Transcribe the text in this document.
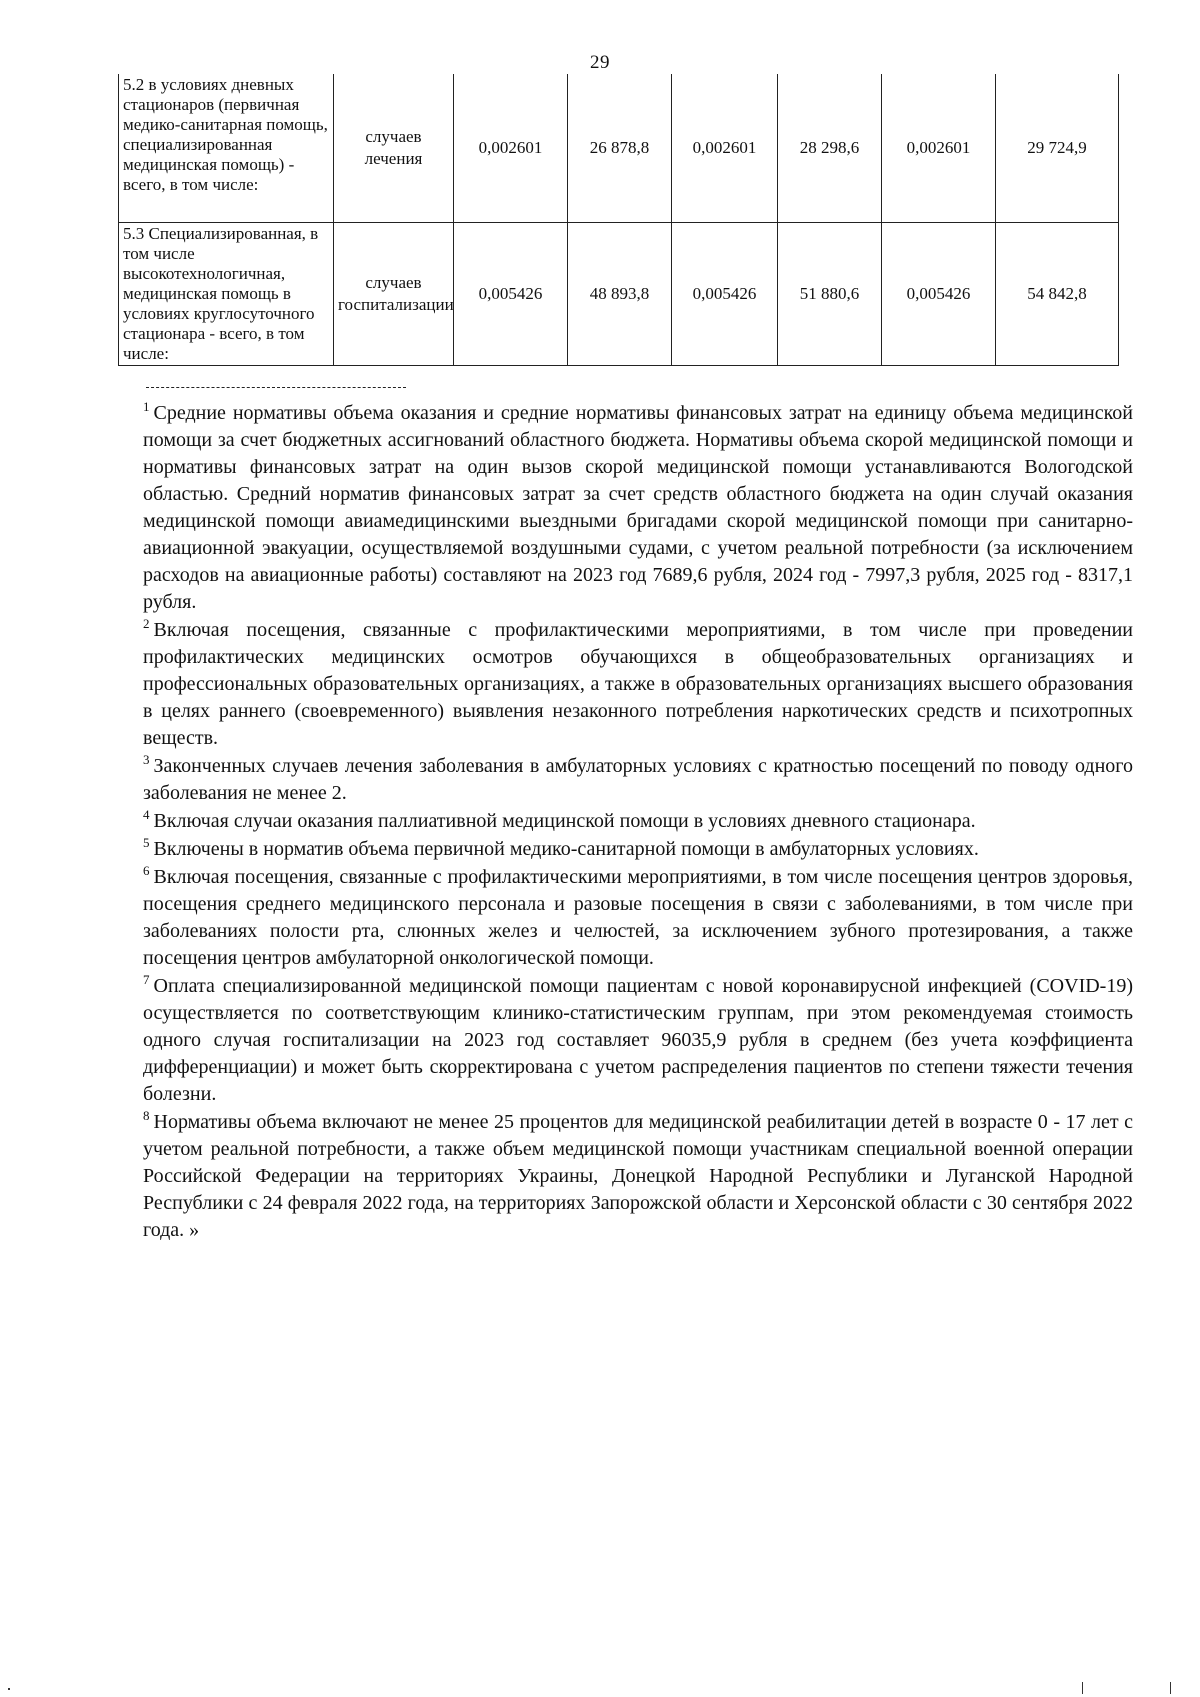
29
5.2 в условиях дневных стационаров (первичная медико-санитарная помощь, специализированная медицинская помощь) - всего, в том числе:	случаев лечения	0,002601	26 878,8	0,002601	28 298,6	0,002601	29 724,9
5.3 Специализированная, в том числе высокотехнологичная, медицинская помощь в условиях круглосуточного стационара - всего, в том числе:	случаев госпитализации	0,005426	48 893,8	0,005426	51 880,6	0,005426	54 842,8

$^1$ Средние нормативы объема оказания и средние нормативы финансовых затрат на единицу объема медицинской помощи за счет бюджетных ассигнований областного бюджета. Нормативы объема скорой медицинской помощи и нормативы финансовых затрат на один вызов скорой медицинской помощи устанавливаются Вологодской областью. Средний норматив финансовых затрат за счет средств областного бюджета на один случай оказания медицинской помощи авиамедицинскими выездными бригадами скорой медицинской помощи при санитарно-авиационной эвакуации, осуществляемой воздушными судами, с учетом реальной потребности (за исключением расходов на авиационные работы) составляют на 2023 год 7689,6 рубля, 2024 год - 7997,3 рубля, 2025 год - 8317,1 рубля.

$^2$ Включая посещения, связанные с профилактическими мероприятиями, в том числе при проведении профилактических медицинских осмотров обучающихся в общеобразовательных организациях и профессиональных образовательных организациях, а также в образовательных организациях высшего образования в целях раннего (своевременного) выявления незаконного потребления наркотических средств и психотропных веществ.

$^3$ Законченных случаев лечения заболевания в амбулаторных условиях с кратностью посещений по поводу одного заболевания не менее 2.

$^4$ Включая случаи оказания паллиативной медицинской помощи в условиях дневного стационара.

$^5$ Включены в норматив объема первичной медико-санитарной помощи в амбулаторных условиях.

$^6$ Включая посещения, связанные с профилактическими мероприятиями, в том числе посещения центров здоровья, посещения среднего медицинского персонала и разовые посещения в связи с заболеваниями, в том числе при заболеваниях полости рта, слюнных желез и челюстей, за исключением зубного протезирования, а также посещения центров амбулаторной онкологической помощи.

$^7$ Оплата специализированной медицинской помощи пациентам с новой коронавирусной инфекцией (COVID-19) осуществляется по соответствующим клинико-статистическим группам, при этом рекомендуемая стоимость одного случая госпитализации на 2023 год составляет 96035,9 рубля в среднем (без учета коэффициента дифференциации) и может быть скорректирована с учетом распределения пациентов по степени тяжести течения болезни.

$^8$ Нормативы объема включают не менее 25 процентов для медицинской реабилитации детей в возрасте 0 - 17 лет с учетом реальной потребности, а также объем медицинской помощи участникам специальной военной операции Российской Федерации на территориях Украины, Донецкой Народной Республики и Луганской Народной Республики с 24 февраля 2022 года, на территориях Запорожской области и Херсонской области с 30 сентября 2022 года. »
